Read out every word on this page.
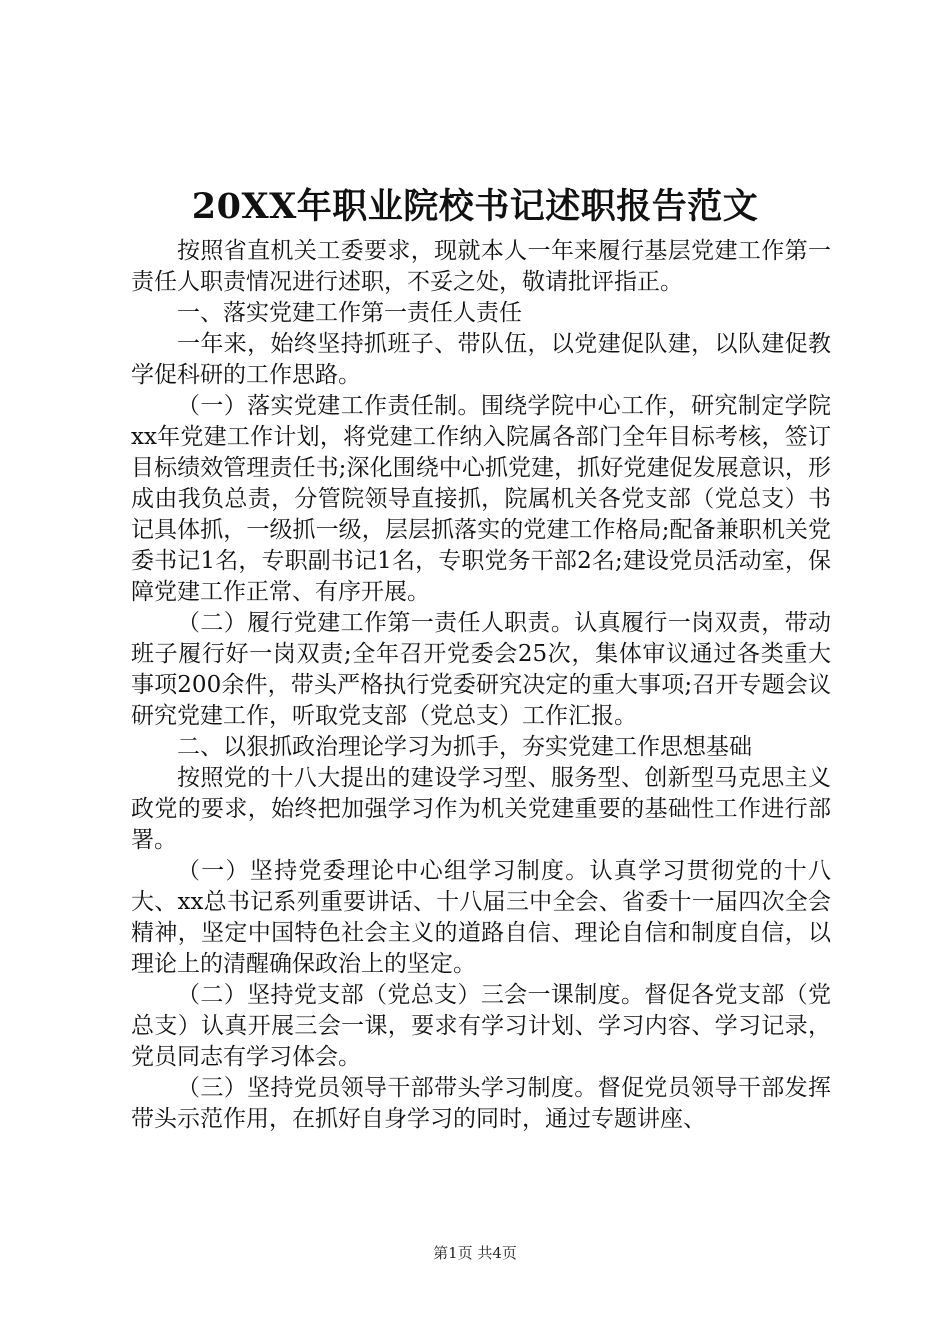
20XX年职业院校书记述职报告范文

按照省直机关工委要求，现就本人一年来履行基层党建工作第一责任人职责情况进行述职，不妥之处，敬请批评指正。

一、落实党建工作第一责任人责任

一年来，始终坚持抓班子、带队伍，以党建促队建，以队建促教学促科研的工作思路。

（一）落实党建工作责任制。围绕学院中心工作，研究制定学院xx年党建工作计划，将党建工作纳入院属各部门全年目标考核，签订目标绩效管理责任书;深化围绕中心抓党建，抓好党建促发展意识，形成由我负总责，分管院领导直接抓，院属机关各党支部（党总支）书记具体抓，一级抓一级，层层抓落实的党建工作格局;配备兼职机关党委书记1名，专职副书记1名，专职党务干部2名;建设党员活动室，保障党建工作正常、有序开展。

（二）履行党建工作第一责任人职责。认真履行一岗双责，带动班子履行好一岗双责;全年召开党委会25次，集体审议通过各类重大事项200余件，带头严格执行党委研究决定的重大事项;召开专题会议研究党建工作，听取党支部（党总支）工作汇报。

二、以狠抓政治理论学习为抓手，夯实党建工作思想基础

按照党的十八大提出的建设学习型、服务型、创新型马克思主义政党的要求，始终把加强学习作为机关党建重要的基础性工作进行部署。

（一）坚持党委理论中心组学习制度。认真学习贯彻党的十八大、xx总书记系列重要讲话、十八届三中全会、省委十一届四次全会精神，坚定中国特色社会主义的道路自信、理论自信和制度自信，以理论上的清醒确保政治上的坚定。

（二）坚持党支部（党总支）三会一课制度。督促各党支部（党总支）认真开展三会一课，要求有学习计划、学习内容、学习记录，党员同志有学习体会。

（三）坚持党员领导干部带头学习制度。督促党员领导干部发挥带头示范作用，在抓好自身学习的同时，通过专题讲座、

第1页 共4页
